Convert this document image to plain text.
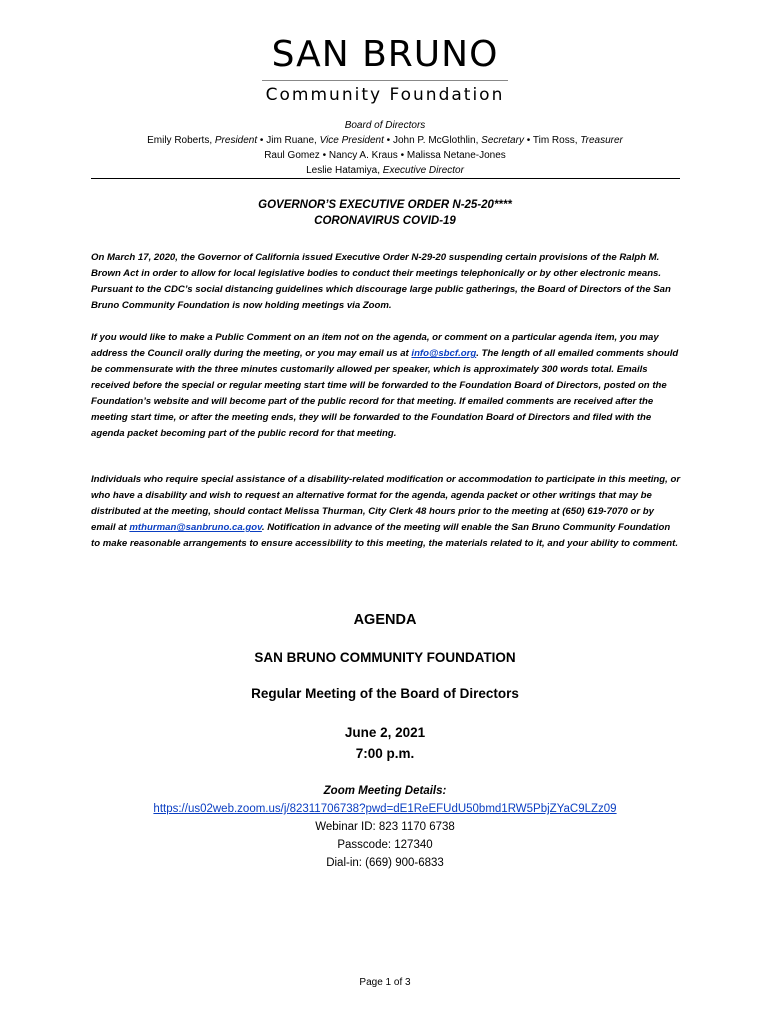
SAN BRUNO
Community Foundation
Board of Directors
Emily Roberts, President • Jim Ruane, Vice President • John P. McGlothlin, Secretary • Tim Ross, Treasurer
Raul Gomez • Nancy A. Kraus • Malissa Netane-Jones
Leslie Hatamiya, Executive Director
GOVERNOR’S EXECUTIVE ORDER N-25-20****
CORONAVIRUS COVID-19

On March 17, 2020, the Governor of California issued Executive Order N-29-20 suspending certain provisions of the Ralph M. Brown Act in order to allow for local legislative bodies to conduct their meetings telephonically or by other electronic means. Pursuant to the CDC’s social distancing guidelines which discourage large public gatherings, the Board of Directors of the San Bruno Community Foundation is now holding meetings via Zoom.

If you would like to make a Public Comment on an item not on the agenda, or comment on a particular agenda item, you may address the Council orally during the meeting, or you may email us at info@sbcf.org. The length of all emailed comments should be commensurate with the three minutes customarily allowed per speaker, which is approximately 300 words total. Emails received before the special or regular meeting start time will be forwarded to the Foundation Board of Directors, posted on the Foundation’s website and will become part of the public record for that meeting. If emailed comments are received after the meeting start time, or after the meeting ends, they will be forwarded to the Foundation Board of Directors and filed with the agenda packet becoming part of the public record for that meeting.

Individuals who require special assistance of a disability-related modification or accommodation to participate in this meeting, or who have a disability and wish to request an alternative format for the agenda, agenda packet or other writings that may be distributed at the meeting, should contact Melissa Thurman, City Clerk 48 hours prior to the meeting at (650) 619-7070 or by email at mthurman@sanbruno.ca.gov. Notification in advance of the meeting will enable the San Bruno Community Foundation to make reasonable arrangements to ensure accessibility to this meeting, the materials related to it, and your ability to comment.

AGENDA
SAN BRUNO COMMUNITY FOUNDATION
Regular Meeting of the Board of Directors
June 2, 2021
7:00 p.m.
Zoom Meeting Details:
https://us02web.zoom.us/j/82311706738?pwd=dE1ReEFUdU50bmd1RW5PbjZYaC9LZz09
Webinar ID: 823 1170 6738
Passcode: 127340
Dial-in: (669) 900-6833
Page 1 of 3
